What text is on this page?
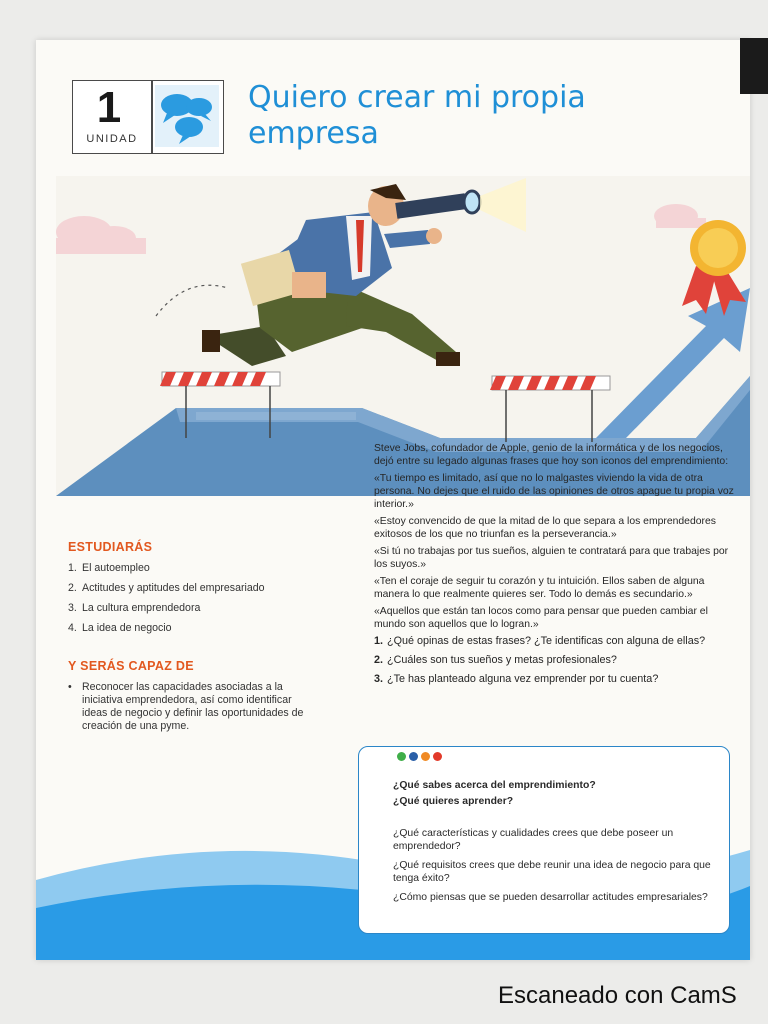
1
UNIDAD
Quiero crear mi propia
empresa

Steve Jobs, cofundador de Apple, genio de la informática y de los negocios, dejó entre su legado algunas frases que hoy son iconos del emprendimiento:

«Tu tiempo es limitado, así que no lo malgastes viviendo la vida de otra persona. No dejes que el ruido de las opiniones de otros apague tu propia voz interior.»

«Estoy convencido de que la mitad de lo que separa a los emprendedores exitosos de los que no triunfan es la perseverancia.»

«Si tú no trabajas por tus sueños, alguien te contratará para que trabajes por los suyos.»

«Ten el coraje de seguir tu corazón y tu intuición. Ellos saben de alguna manera lo que realmente quieres ser. Todo lo demás es secundario.»

«Aquellos que están tan locos como para pensar que pueden cambiar el mundo son aquellos que lo logran.»

1. ¿Qué opinas de estas frases? ¿Te identificas con alguna de ellas?
2. ¿Cuáles son tus sueños y metas profesionales?
3. ¿Te has planteado alguna vez emprender por tu cuenta?
ESTUDIARÁS
1. El autoempleo
2. Actitudes y aptitudes del empresariado
3. La cultura emprendedora
4. La idea de negocio
Y SERÁS CAPAZ DE
• Reconocer las capacidades asociadas a la iniciativa emprendedora, así como identificar ideas de negocio y definir las oportunidades de creación de una pyme.
¿Qué sabes acerca del emprendimiento?
¿Qué quieres aprender?

¿Qué características y cualidades crees que debe poseer un emprendedor?

¿Qué requisitos crees que debe reunir una idea de negocio para que tenga éxito?

¿Cómo piensas que se pueden desarrollar actitudes empresariales?

Escaneado con CamS
